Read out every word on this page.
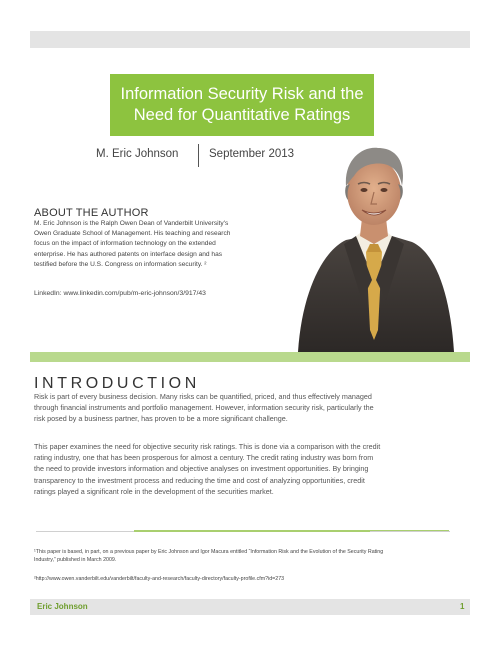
Information Security Risk and the
Need for Quantitative Ratings
M. Eric Johnson	September 2013
ABOUT THE AUTHOR
M. Eric Johnson is the Ralph Owen Dean of Vanderbilt University's
Owen Graduate School of Management. His teaching and research
focus on the impact of information technology on the extended
enterprise. He has authored patents on interface design and has
testified before the U.S. Congress on information security. ²
LinkedIn: www.linkedin.com/pub/m-eric-johnson/3/917/43
INTRODUCTION
Risk is part of every business decision. Many risks can be quantified, priced, and thus effectively managed
through financial instruments and portfolio management. However, information security risk, particularly the
risk posed by a business partner, has proven to be a more significant challenge.
This paper examines the need for objective security risk ratings. This is done via a comparison with the credit
rating industry, one that has been prosperous for almost a century. The credit rating industry was born from
the need to provide investors information and objective analyses on investment opportunities. By bringing
transparency to the investment process and reducing the time and cost of analyzing opportunities, credit
ratings played a significant role in the development of the securities market.
¹This paper is based, in part, on a previous paper by Eric Johnson and Igor Macura entitled “Information Risk and the Evolution of the Security Rating
Industry,” published in March 2009.
²http://www.owen.vanderbilt.edu/vanderbilt/faculty-and-research/faculty-directory/faculty-profile.cfm?id=273
Eric Johnson	1
